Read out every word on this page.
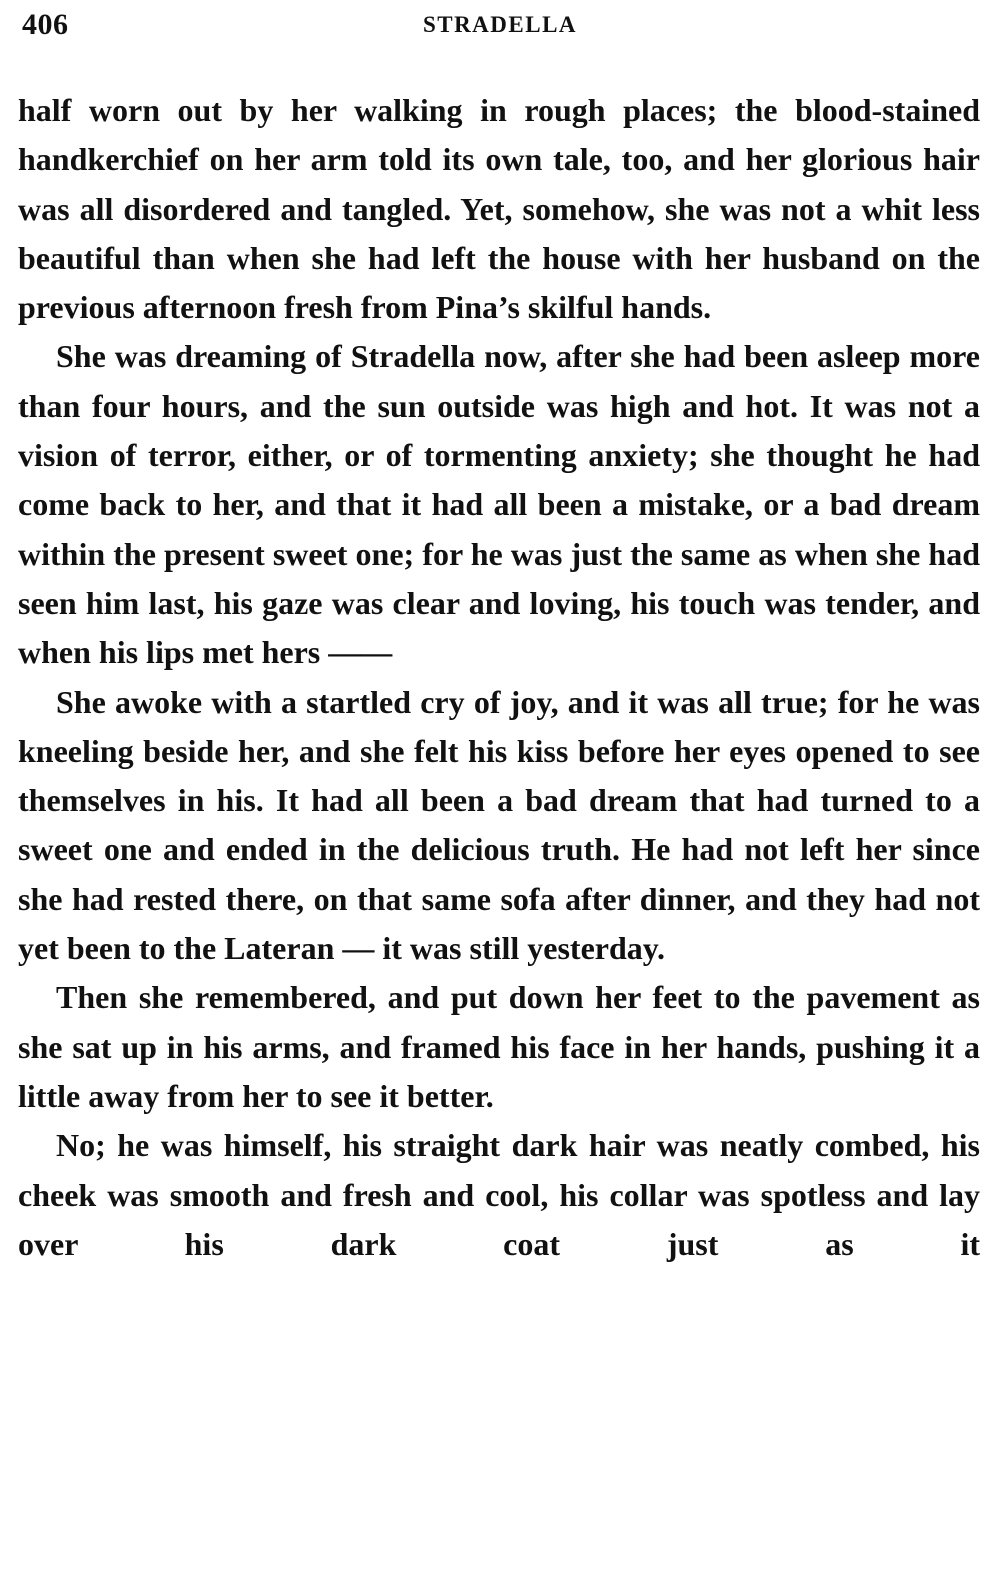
406	STRADELLA

half worn out by her walking in rough places; the blood-stained handkerchief on her arm told its own tale, too, and her glorious hair was all disordered and tangled. Yet, somehow, she was not a whit less beautiful than when she had left the house with her husband on the previous afternoon fresh from Pina’s skilful hands.

She was dreaming of Stradella now, after she had been asleep more than four hours, and the sun outside was high and hot. It was not a vision of terror, either, or of tormenting anxiety; she thought he had come back to her, and that it had all been a mistake, or a bad dream within the present sweet one; for he was just the same as when she had seen him last, his gaze was clear and loving, his touch was tender, and when his lips met hers ——

She awoke with a startled cry of joy, and it was all true; for he was kneeling beside her, and she felt his kiss before her eyes opened to see themselves in his. It had all been a bad dream that had turned to a sweet one and ended in the delicious truth. He had not left her since she had rested there, on that same sofa after dinner, and they had not yet been to the Lateran — it was still yesterday.

Then she remembered, and put down her feet to the pavement as she sat up in his arms, and framed his face in her hands, pushing it a little away from her to see it better.

No; he was himself, his straight dark hair was neatly combed, his cheek was smooth and fresh and cool, his collar was spotless and lay over his dark coat just as it
